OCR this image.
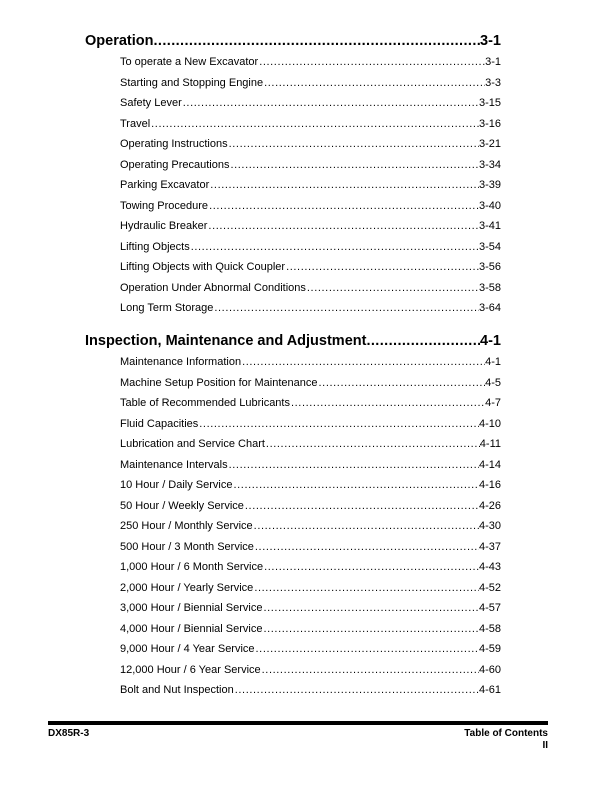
Operation .....	3-1
To operate a New Excavator .....	3-1
Starting and Stopping Engine .....	3-3
Safety Lever .....	3-15
Travel .....	3-16
Operating Instructions .....	3-21
Operating Precautions .....	3-34
Parking Excavator .....	3-39
Towing Procedure .....	3-40
Hydraulic Breaker .....	3-41
Lifting Objects .....	3-54
Lifting Objects with Quick Coupler .....	3-56
Operation Under Abnormal Conditions .....	3-58
Long Term Storage .....	3-64
Inspection, Maintenance and Adjustment .....	4-1
Maintenance Information .....	4-1
Machine Setup Position for Maintenance .....	4-5
Table of Recommended Lubricants .....	4-7
Fluid Capacities .....	4-10
Lubrication and Service Chart .....	4-11
Maintenance Intervals .....	4-14
10 Hour / Daily Service .....	4-16
50 Hour / Weekly Service .....	4-26
250 Hour / Monthly Service .....	4-30
500 Hour / 3 Month Service .....	4-37
1,000 Hour / 6 Month Service .....	4-43
2,000 Hour / Yearly Service .....	4-52
3,000 Hour / Biennial Service .....	4-57
4,000 Hour / Biennial Service .....	4-58
9,000 Hour / 4 Year Service .....	4-59
12,000 Hour / 6 Year Service .....	4-60
Bolt and Nut Inspection .....	4-61
DX85R-3	Table of Contents
II
